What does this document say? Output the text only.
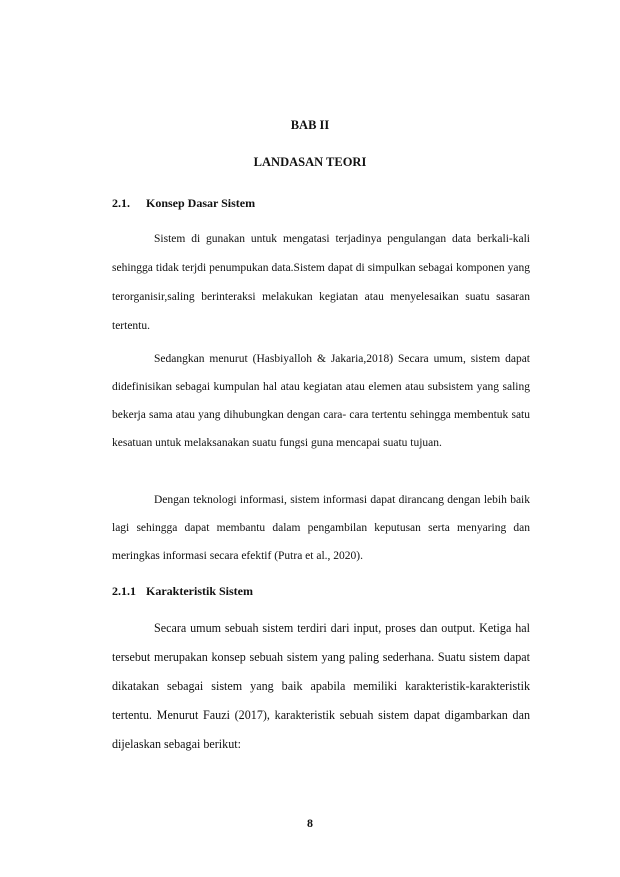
BAB II

LANDASAN TEORI

2.1. Konsep Dasar Sistem

Sistem di gunakan untuk mengatasi terjadinya pengulangan data berkali-kali sehingga tidak terjdi penumpukan data.Sistem dapat di simpulkan sebagai komponen yang terorganisir,saling berinteraksi melakukan kegiatan atau menyelesaikan suatu sasaran tertentu.

Sedangkan menurut (Hasbiyalloh & Jakaria,2018) Secara umum, sistem dapat didefinisikan sebagai kumpulan hal atau kegiatan atau elemen atau subsistem yang saling bekerja sama atau yang dihubungkan dengan cara- cara tertentu sehingga membentuk satu kesatuan untuk melaksanakan suatu fungsi guna mencapai suatu tujuan.

Dengan teknologi informasi, sistem informasi dapat dirancang dengan lebih baik lagi sehingga dapat membantu dalam pengambilan keputusan serta menyaring dan meringkas informasi secara efektif (Putra et al., 2020).

2.1.1 Karakteristik Sistem

Secara umum sebuah sistem terdiri dari input, proses dan output. Ketiga hal tersebut merupakan konsep sebuah sistem yang paling sederhana. Suatu sistem dapat dikatakan sebagai sistem yang baik apabila memiliki karakteristik-karakteristik tertentu. Menurut Fauzi (2017), karakteristik sebuah sistem dapat digambarkan dan dijelaskan sebagai berikut:

8
